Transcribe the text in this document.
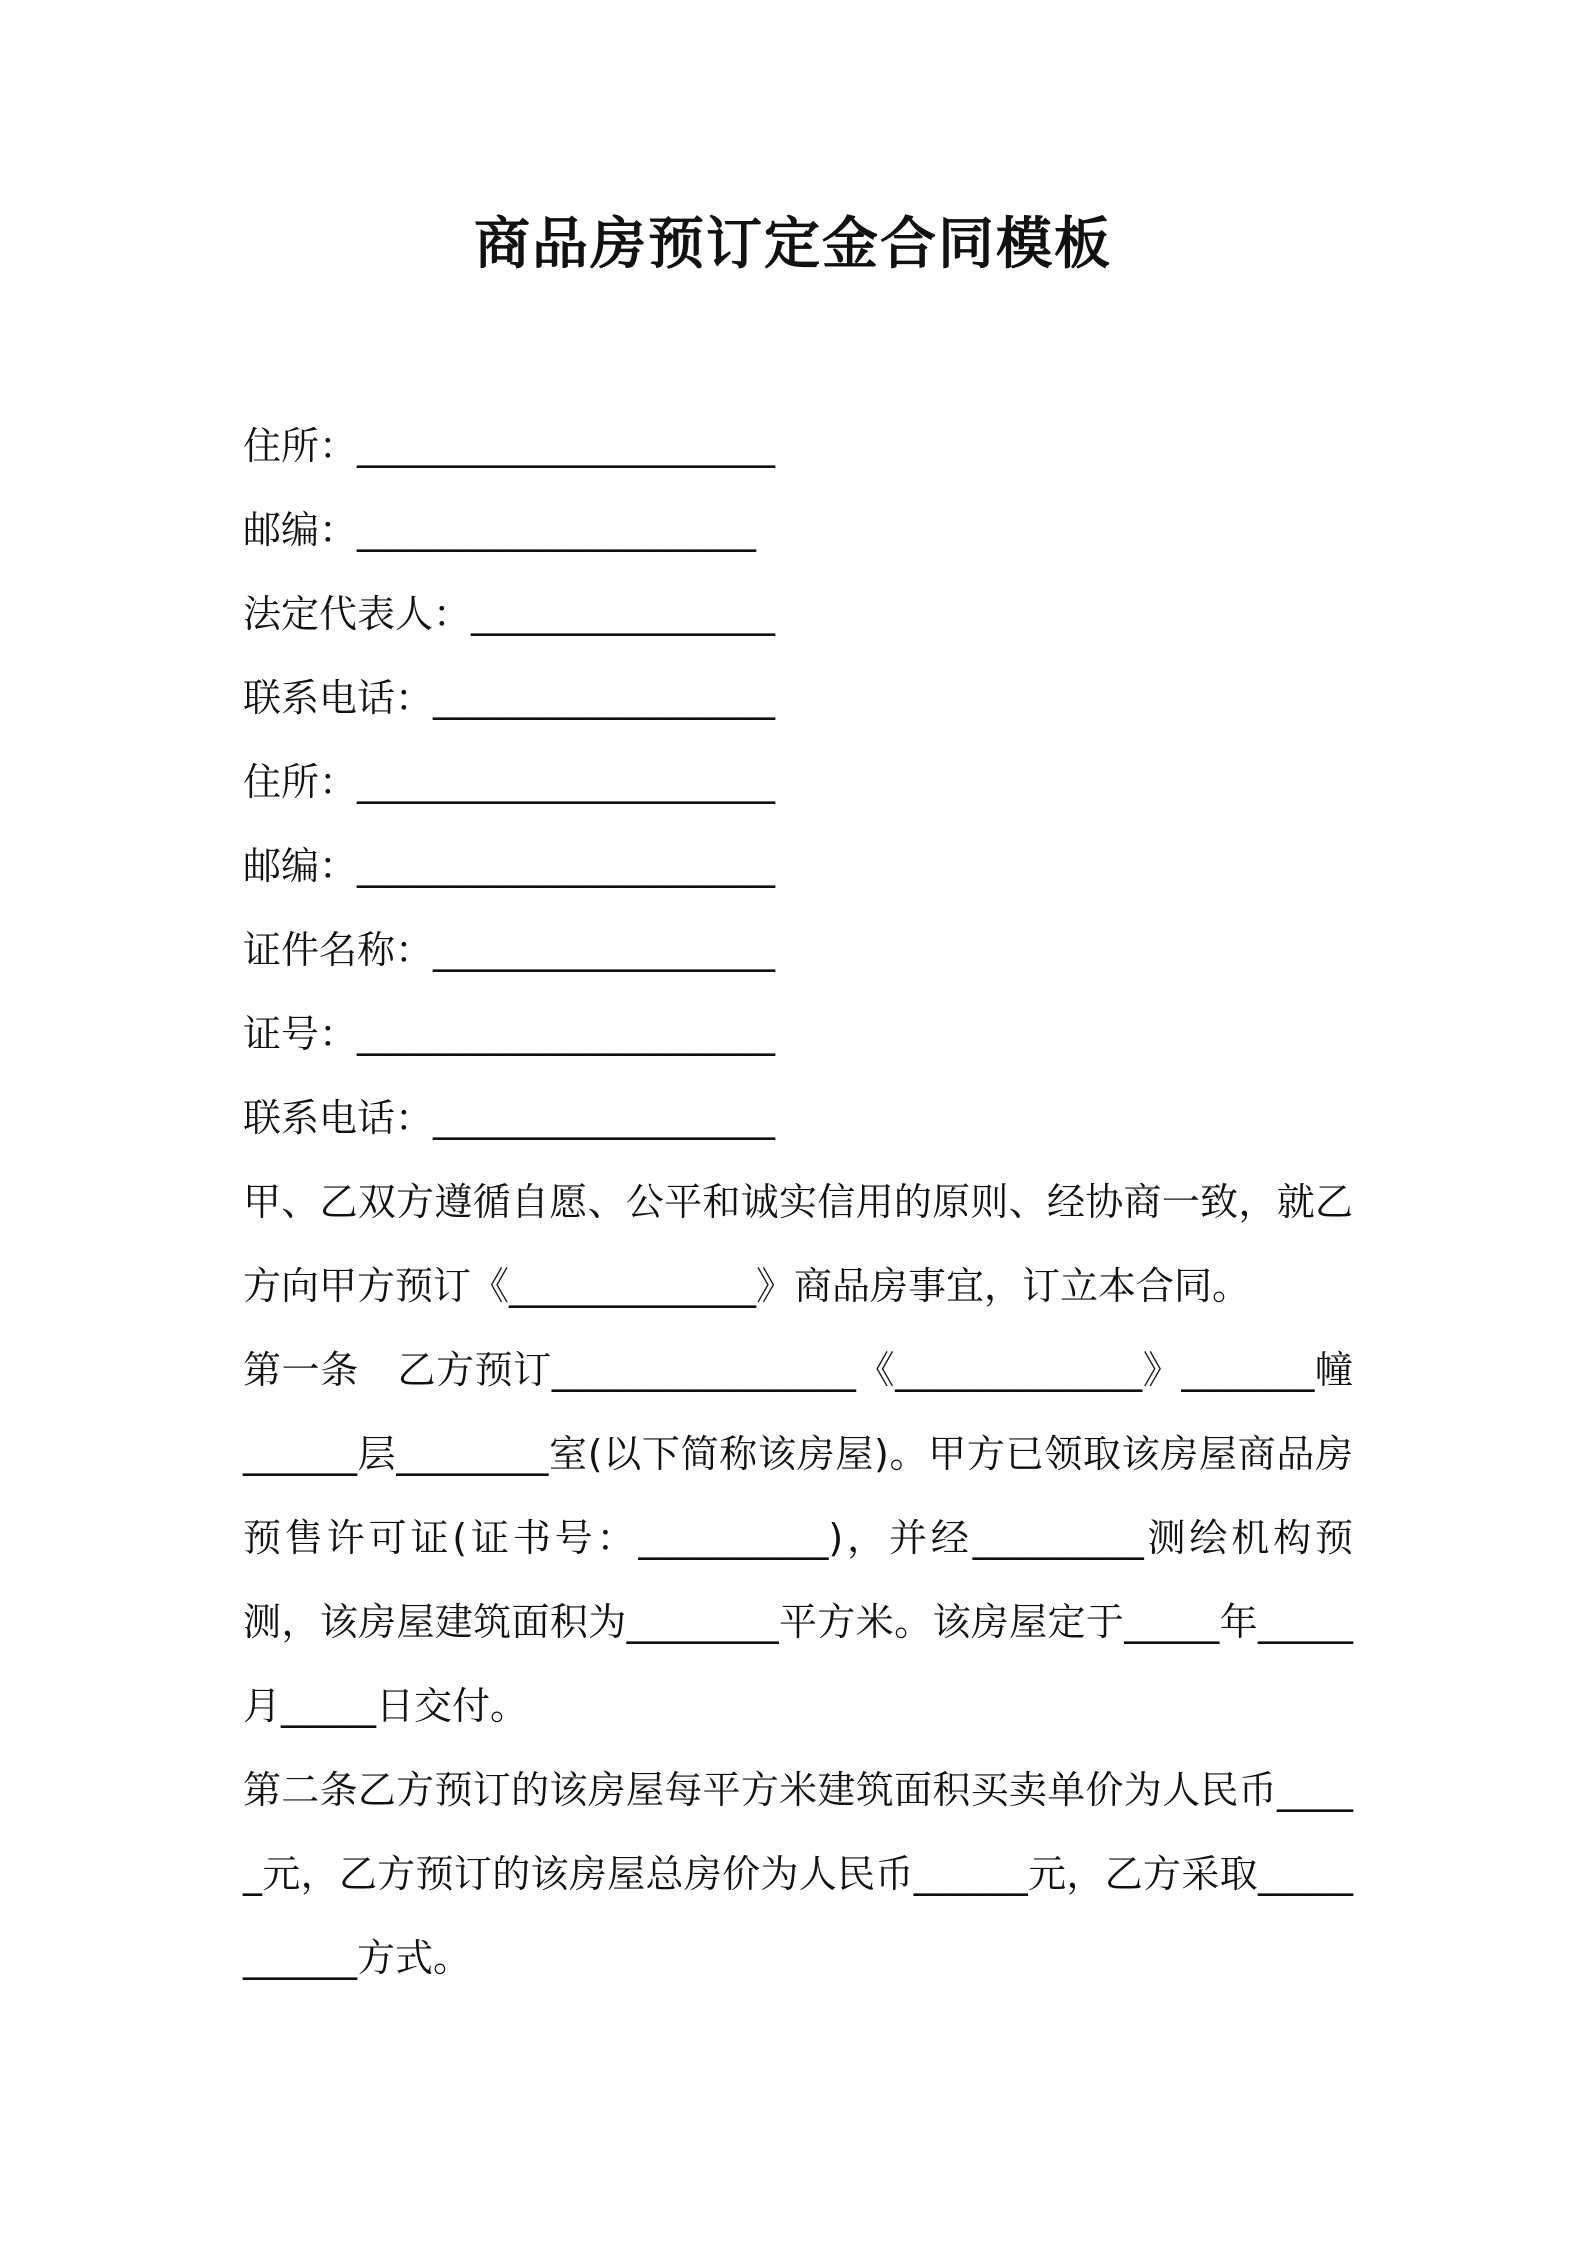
商品房预订定金合同模板
住所：______________________
邮编：_____________________
法定代表人：________________
联系电话：__________________
住所：______________________
邮编：______________________
证件名称：__________________
证号：______________________
联系电话：__________________
甲、乙双方遵循自愿、公平和诚实信用的原则、经协商一致，就乙方向甲方预订《_____________》商品房事宜，订立本合同。
第一条　乙方预订________________《_____________》_______幢______层________室(以下简称该房屋)。甲方已领取该房屋商品房预售许可证(证书号：__________)，并经_________测绘机构预测，该房屋建筑面积为________平方米。该房屋定于_____年_____月_____日交付。
第二条乙方预订的该房屋每平方米建筑面积买卖单价为人民币_____元，乙方预订的该房屋总房价为人民币______元，乙方采取___________方式。
